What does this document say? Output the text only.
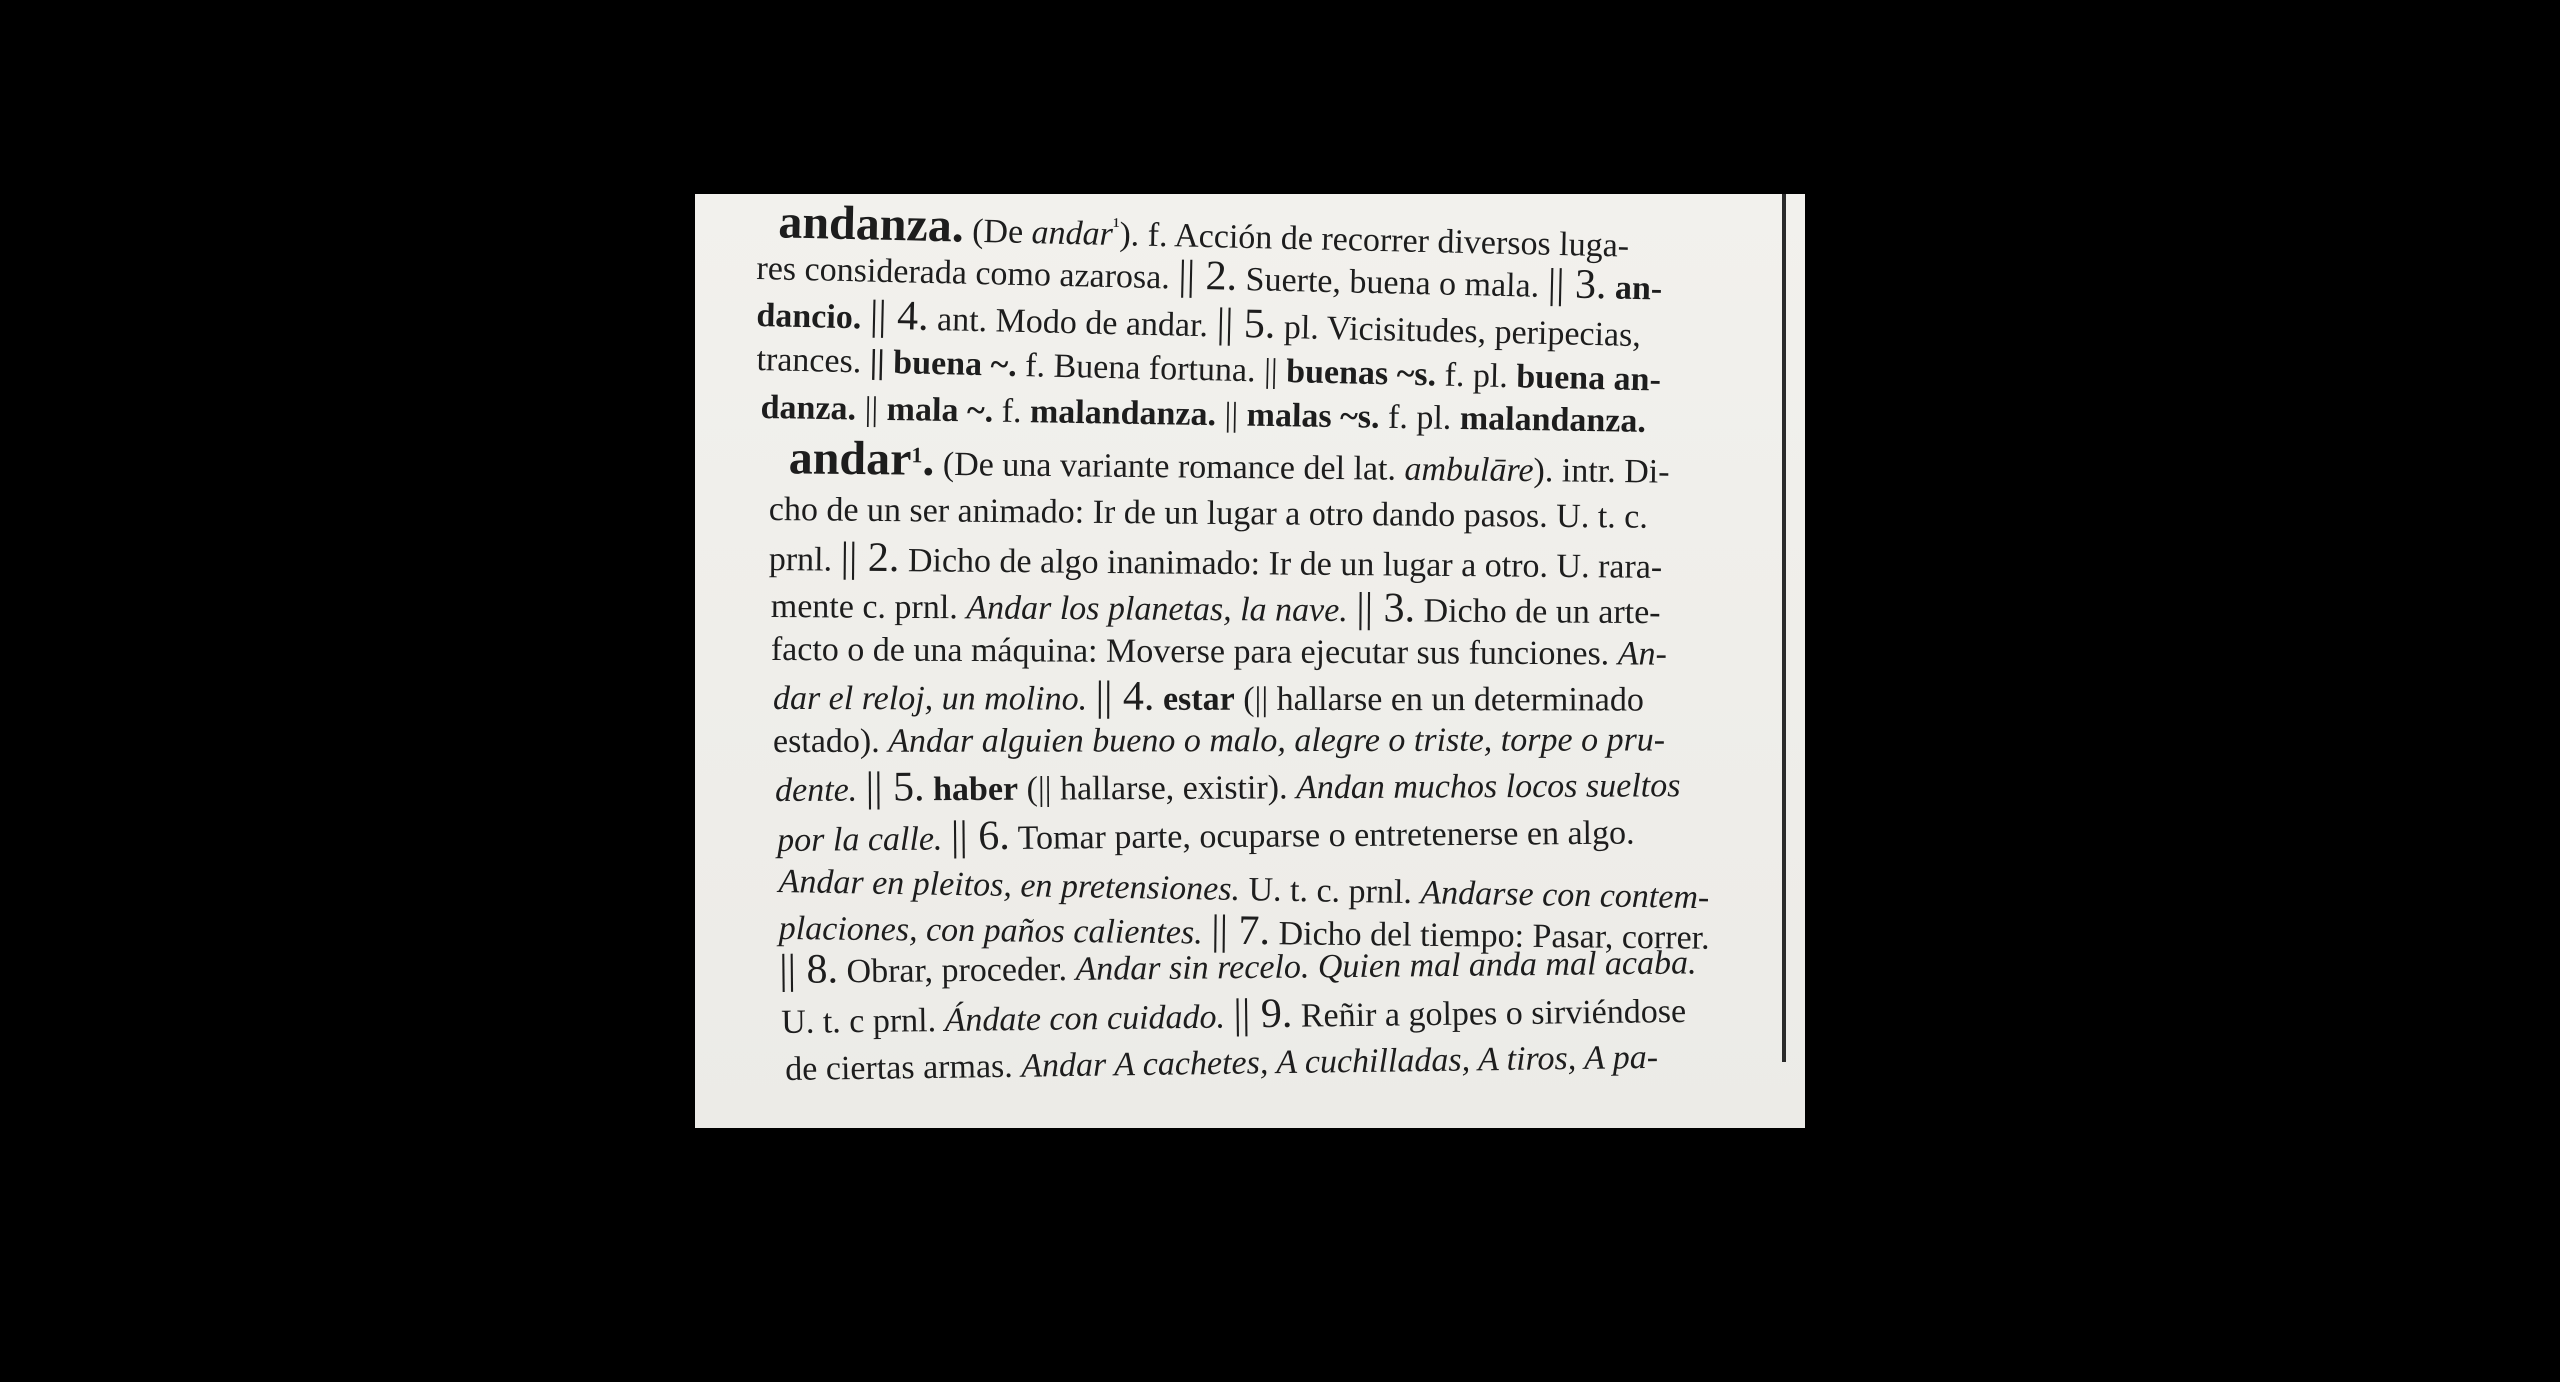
andanza. (De andar$^{^1}$). f. Acción de recorrer diversos luga-
res considerada como azarosa. || 2. Suerte, buena o mala. || 3. an-
dancio. || 4. ant. Modo de andar. || 5. pl. Vicisitudes, peripecias,
trances. || buena ~. f. Buena fortuna. || buenas ~s. f. pl. buena an-
danza. || mala ~. f. malandanza. || malas ~s. f. pl. malandanza.
andar$^1$. (De una variante romance del lat. ambulāre). intr. Di-
cho de un ser animado: Ir de un lugar a otro dando pasos. U. t. c.
prnl. || 2. Dicho de algo inanimado: Ir de un lugar a otro. U. rara-
mente c. prnl. Andar los planetas, la nave. || 3. Dicho de un arte-
facto o de una máquina: Moverse para ejecutar sus funciones. An-
dar el reloj, un molino. || 4. estar (|| hallarse en un determinado
estado). Andar alguien bueno o malo, alegre o triste, torpe o pru-
dente. || 5. haber (|| hallarse, existir). Andan muchos locos sueltos
por la calle. || 6. Tomar parte, ocuparse o entretenerse en algo.
Andar en pleitos, en pretensiones. U. t. c. prnl. Andarse con contem-
placiones, con paños calientes. || 7. Dicho del tiempo: Pasar, correr.
|| 8. Obrar, proceder. Andar sin recelo. Quien mal anda mal acaba.
U. t. c prnl. Ándate con cuidado. || 9. Reñir a golpes o sirviéndose
de ciertas armas. Andar A cachetes, A cuchilladas, A tiros, A pa-
